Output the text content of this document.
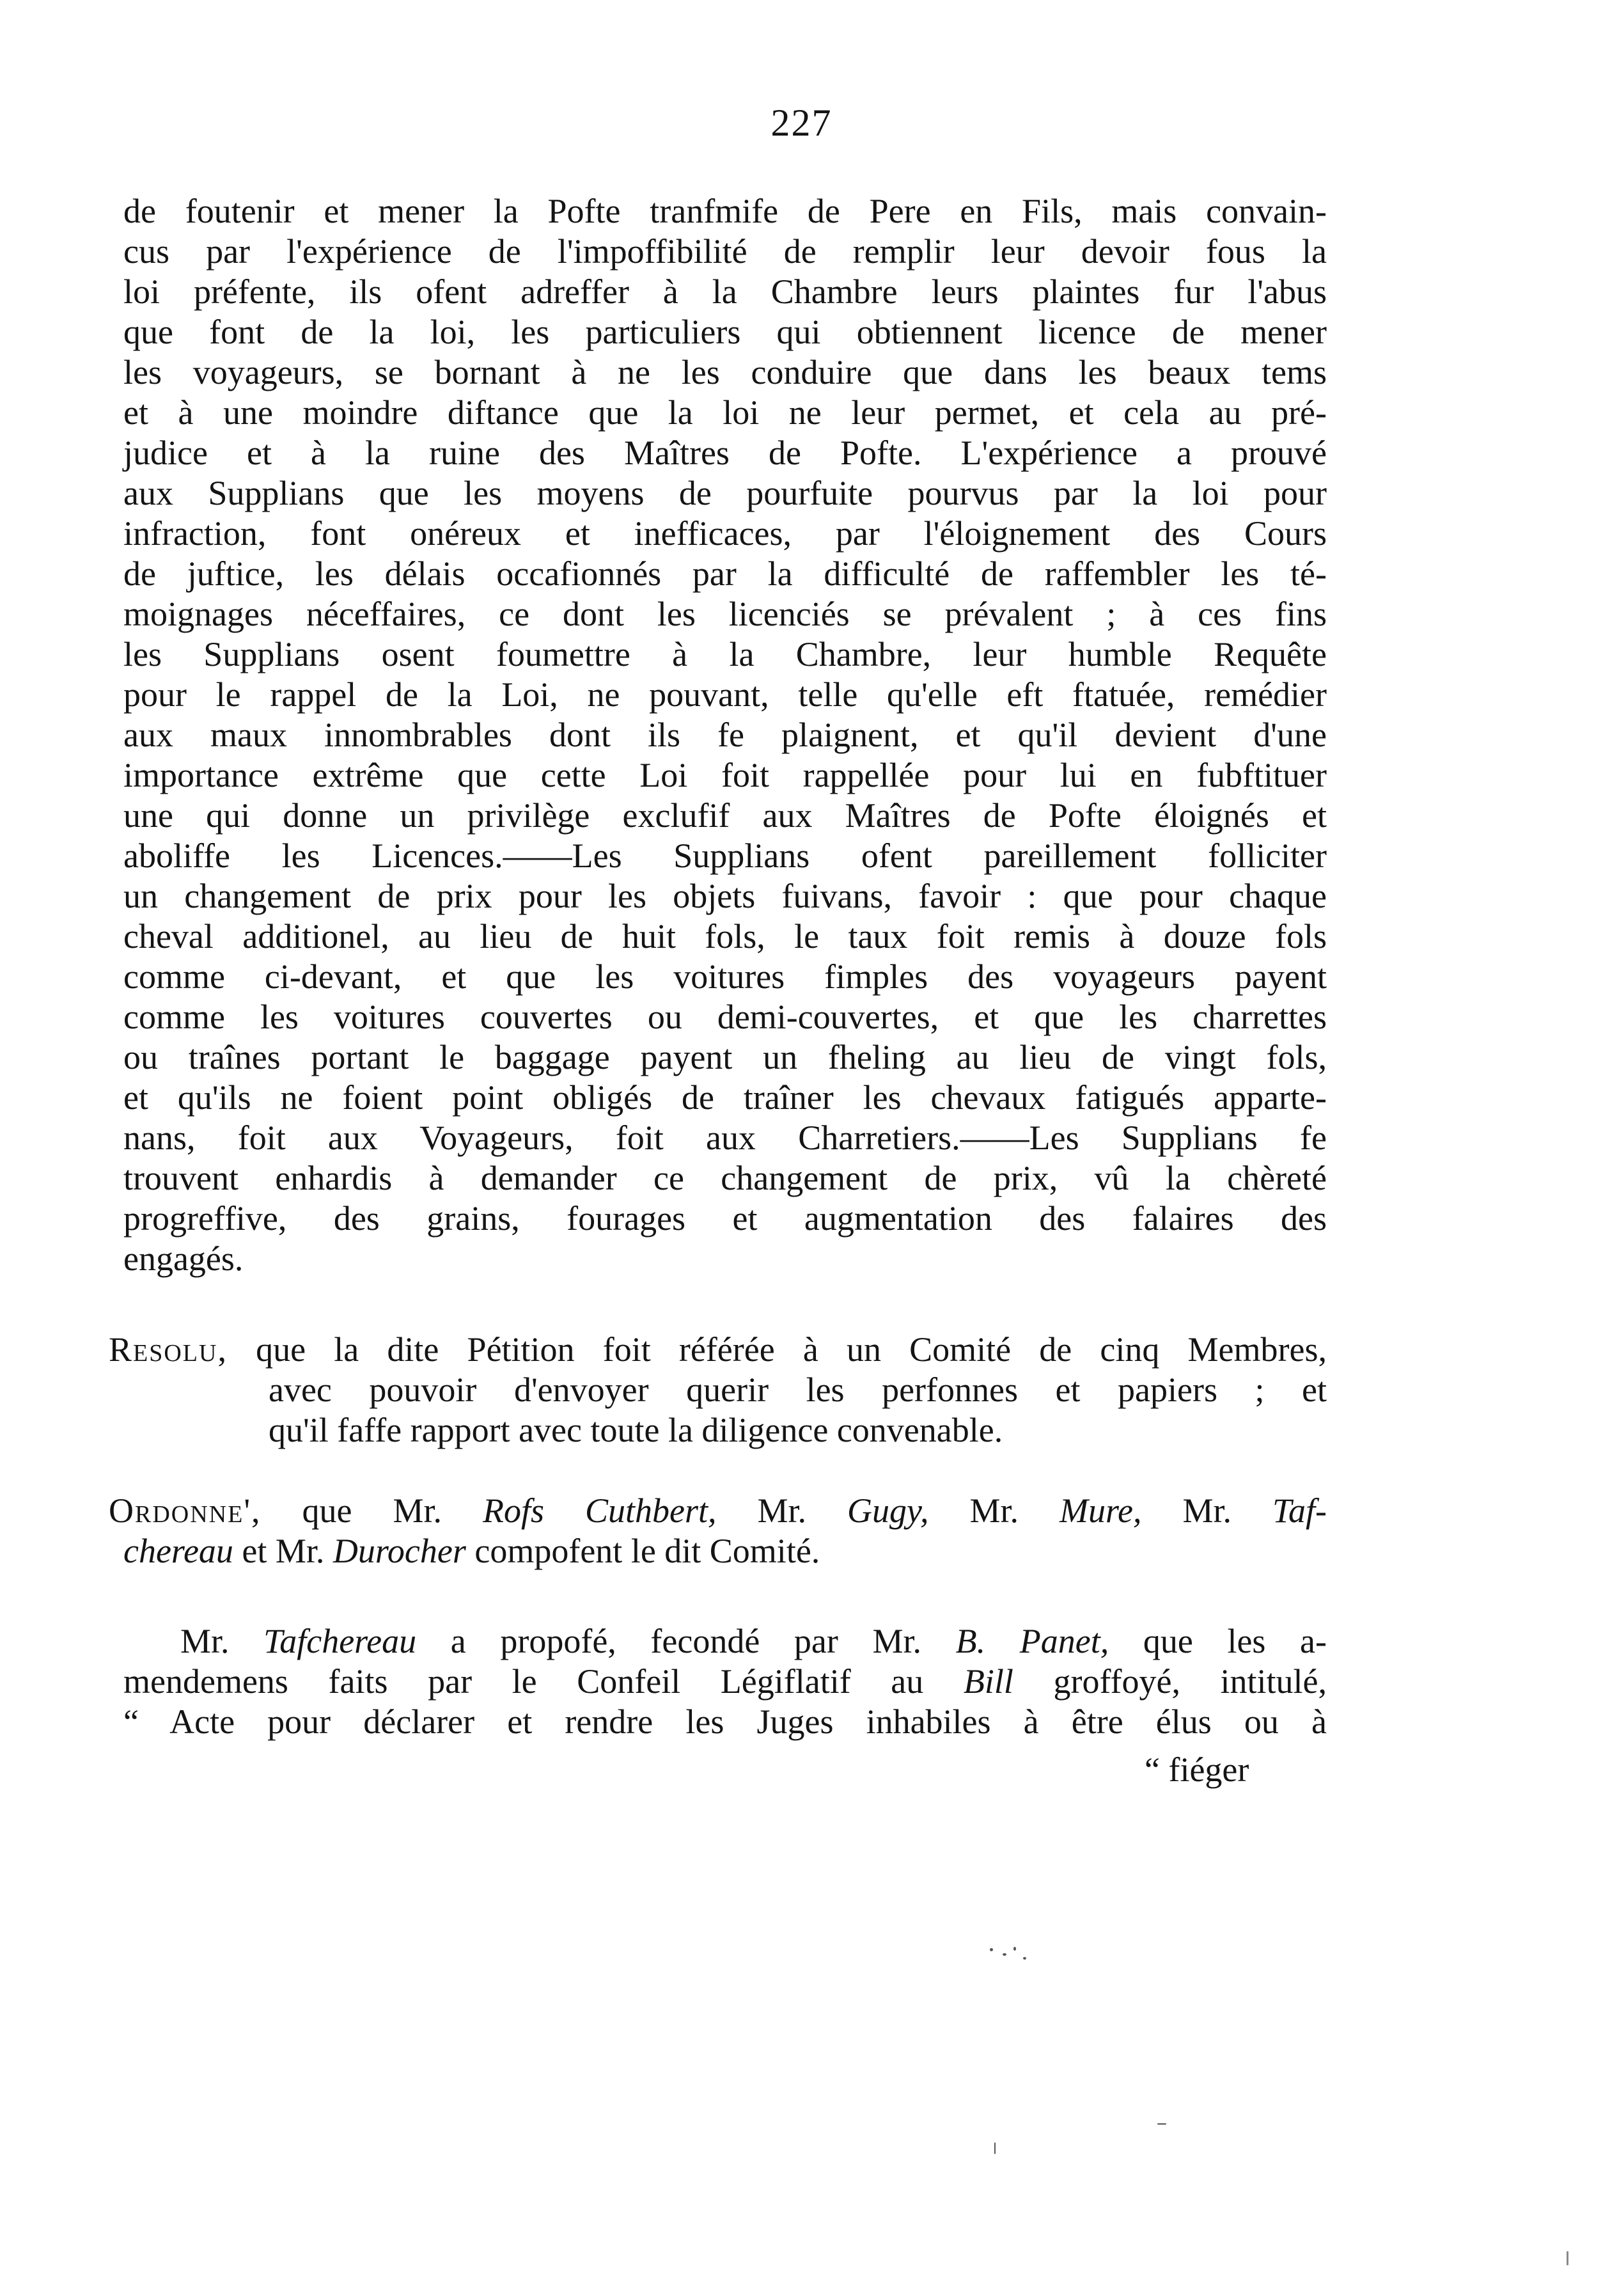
227
de foutenir et mener la Pofte tranfmife de Pere en Fils, mais convain-
cus par l'expérience de l'impoffibilité de remplir leur devoir fous la
loi préfente, ils ofent adreffer à la Chambre leurs plaintes fur l'abus
que font de la loi, les particuliers qui obtiennent licence de mener
les voyageurs, se bornant à ne les conduire que dans les beaux tems
et à une moindre diftance que la loi ne leur permet, et cela au pré-
judice et à la ruine des Maîtres de Pofte. L'expérience a prouvé
aux Supplians que les moyens de pourfuite pourvus par la loi pour
infraction, font onéreux et inefficaces, par l'éloignement des Cours
de juftice, les délais occafionnés par la difficulté de raffembler les té-
moignages néceffaires, ce dont les licenciés se prévalent ; à ces fins
les Supplians osent foumettre à la Chambre, leur humble Requête
pour le rappel de la Loi, ne pouvant, telle qu'elle eft ftatuée, remédier
aux maux innombrables dont ils fe plaignent, et qu'il devient d'une
importance extrême que cette Loi foit rappellée pour lui en fubftituer
une qui donne un privilège exclufif aux Maîtres de Pofte éloignés et
aboliffe les Licences.——Les Supplians ofent pareillement folliciter
un changement de prix pour les objets fuivans, favoir : que pour chaque
cheval additionel, au lieu de huit fols, le taux foit remis à douze fols
comme ci-devant, et que les voitures fimples des voyageurs payent
comme les voitures couvertes ou demi-couvertes, et que les charrettes
ou traînes portant le baggage payent un fheling au lieu de vingt fols,
et qu'ils ne foient point obligés de traîner les chevaux fatigués apparte-
nans, foit aux Voyageurs, foit aux Charretiers.——Les Supplians fe
trouvent enhardis à demander ce changement de prix, vû la chèreté
progreffive, des grains, fourages et augmentation des falaires des
engagés.
Resolu, que la dite Pétition foit référée à un Comité de cinq Membres,
avec pouvoir d'envoyer querir les perfonnes et papiers ; et
qu'il faffe rapport avec toute la diligence convenable.
Ordonne', que Mr. Rofs Cuthbert, Mr. Gugy, Mr. Mure, Mr. Taf-
chereau et Mr. Durocher compofent le dit Comité.
Mr. Tafchereau a propofé, fecondé par Mr. B. Panet, que les a-
mendemens faits par le Confeil Légiflatif au Bill groffoyé, intitulé,
“ Acte pour déclarer et rendre les Juges inhabiles à être élus ou à
“ fiéger
